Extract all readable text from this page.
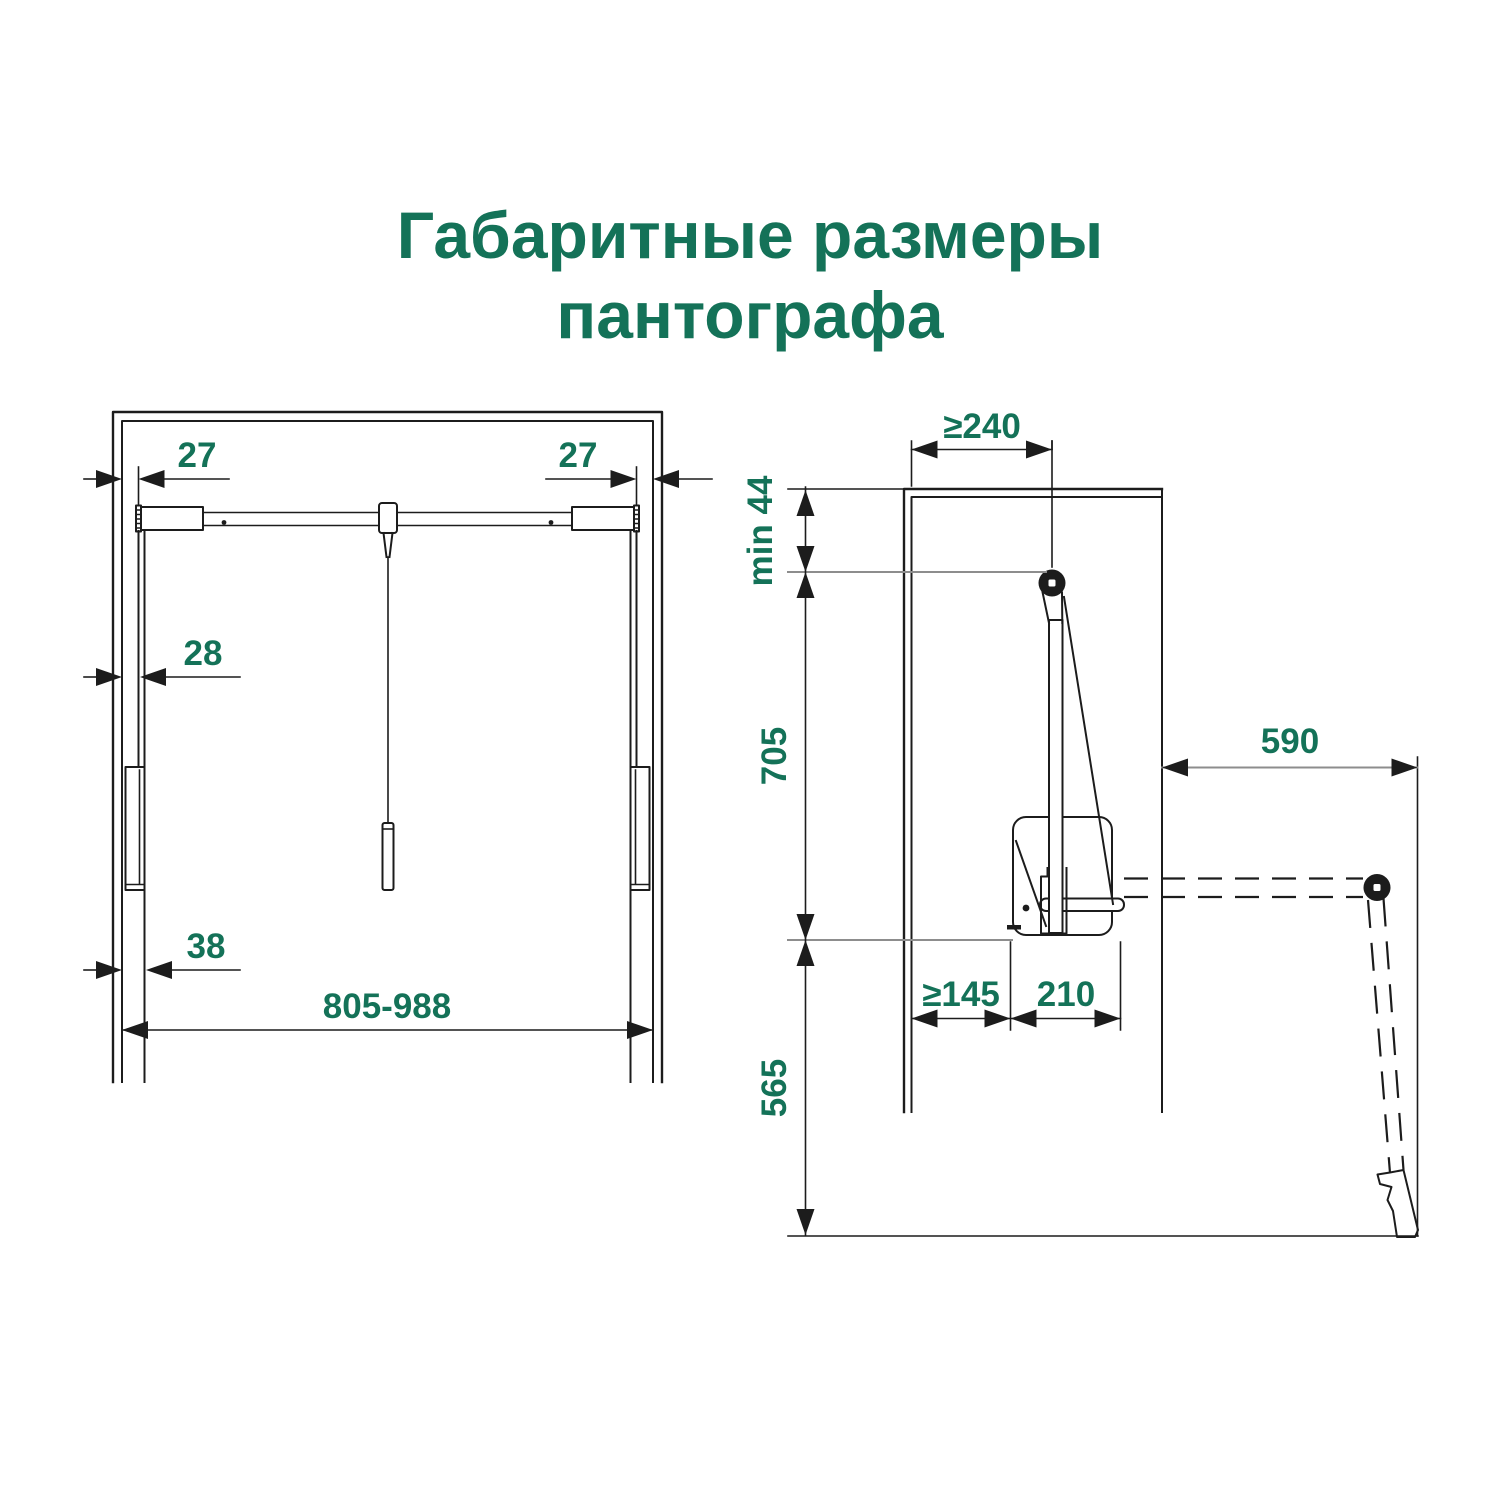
Габаритные размеры
пантографа
27	27
28
38
805-988
≥240
min 44
705
565
590
≥145 210
